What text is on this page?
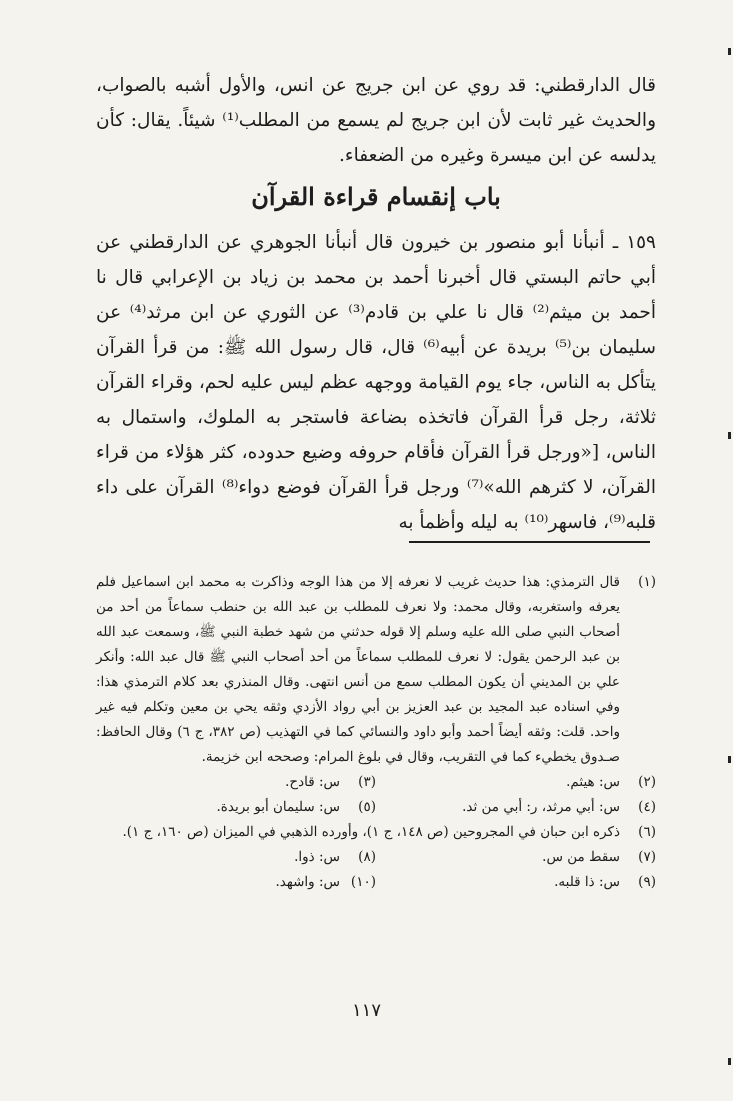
قال الدارقطني: قد روي عن ابن جريج عن انس، والأول أشبه بالصواب، والحديث غير ثابت لأن ابن جريج لم يسمع من المطلب⁽¹⁾ شيئاً. يقال: كأن يدلسه عن ابن ميسرة وغيره من الضعفاء.

باب إنقسام قراءة القرآن

١٥٩ ـ أنبأنا أبو منصور بن خيرون قال أنبأنا الجوهري عن الدارقطني عن أبي حاتم البستي قال أخبرنا أحمد بن محمد بن زياد بن الإعرابي قال نا أحمد بن ميثم⁽²⁾ قال نا علي بن قادم⁽³⁾ عن الثوري عن ابن مرثد⁽⁴⁾ عن سليمان بن⁽⁵⁾ بريدة عن أبيه⁽⁶⁾ قال، قال رسول الله ﷺ: من قرأ القرآن يتأكل به الناس، جاء يوم القيامة ووجهه عظم ليس عليه لحم، وقراء القرآن ثلاثة، رجل قرأ القرآن فاتخذه بضاعة فاستجر به الملوك، واستمال به الناس، [«ورجل قرأ القرآن فأقام حروفه وضيع حدوده، كثر هؤلاء من قراء القرآن، لا كثرهم الله»⁽⁷⁾ ورجل قرأ القرآن فوضع دواء⁽⁸⁾ القرآن على داء قلبه⁽⁹⁾، فاسهر⁽¹⁰⁾ به ليله وأظمأ به

(١)
قال الترمذي: هذا حديث غريب لا نعرفه إلا من هذا الوجه وذاكرت به محمد ابن اسماعيل فلم يعرفه واستغربه، وقال محمد: ولا نعرف للمطلب بن عبد الله بن حنطب سماعاً من أحد من أصحاب النبي صلى الله عليه وسلم إلا قوله حدثني من شهد خطبة النبي ﷺ، وسمعت عبد الله بن عبد الرحمن يقول: لا نعرف للمطلب سماعاً من أحد أصحاب النبي ﷺ قال عبد الله: وأنكر علي بن المديني أن يكون المطلب سمع من أنس انتهى. وقال المنذري بعد كلام الترمذي هذا: وفي اسناده عبد المجيد بن عبد العزيز بن أبي رواد الأزدي وثقه يحي بن معين وتكلم فيه غير واحد. قلت: وثقه أيضاً أحمد وأبو داود والنسائي كما في التهذيب (ص ٣٨٢، ج ٦) وقال الحافظ: صـدوق يخطيء كما في التقريب، وقال في بلوغ المرام: وصححه ابن خزيمة.
(٢)
س: هيثم.
(٣)
س: قادح.
(٤)
س: أبي مرثد، ر: أبي من ثد.
(٥)
س: سليمان أبو بريدة.
(٦)
ذكره ابن حبان في المجروحين (ص ١٤٨، ج ١)، وأورده الذهبي في الميزان (ص ١٦٠، ج ١).
(٧)
سقط من س.
(٨)
س: ذوا.
(٩)
س: ذا قلبه.
(١٠)
س: واشهد.
١١٧
